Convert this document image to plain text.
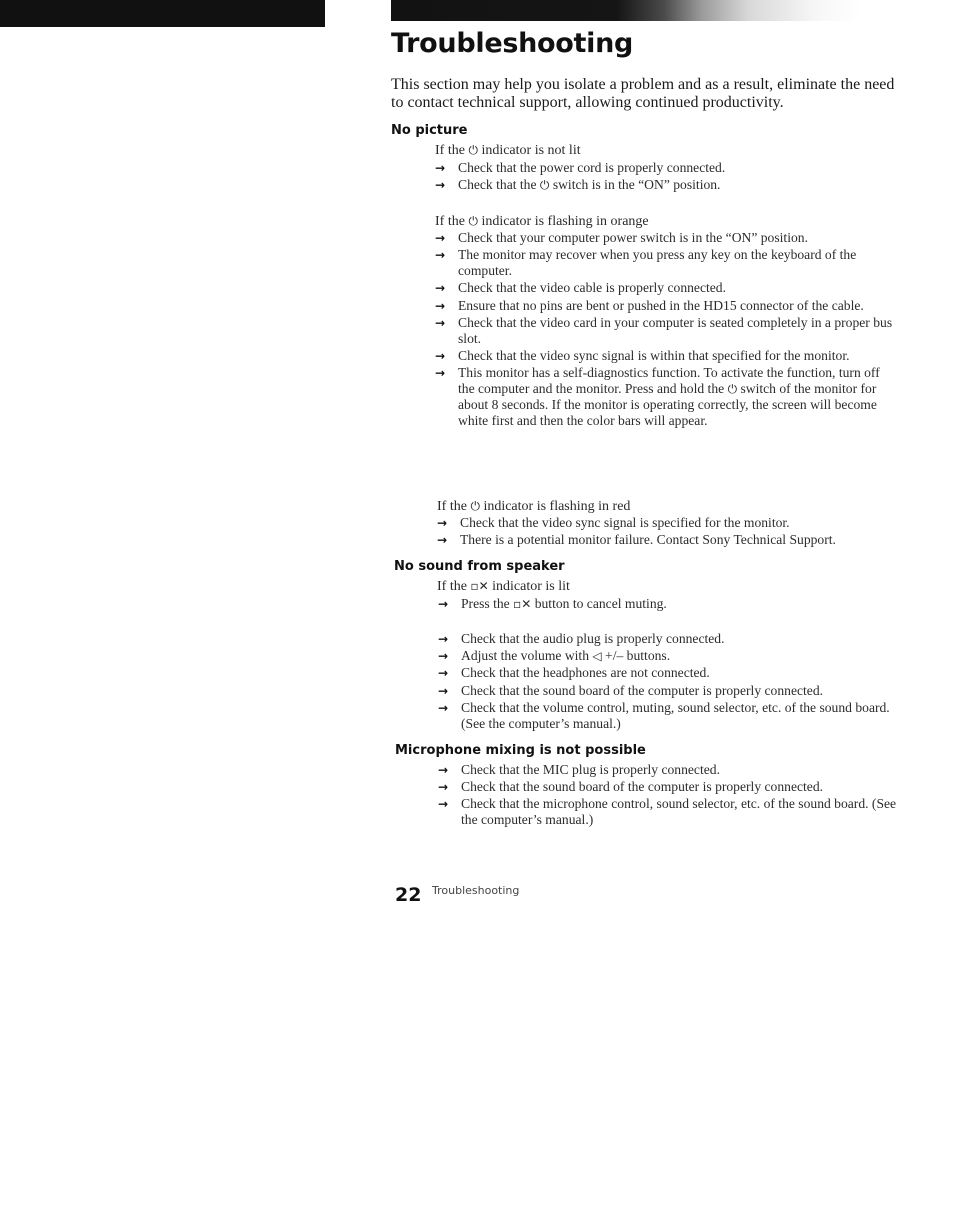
Troubleshooting

This section may help you isolate a problem and as a result, eliminate the need to contact technical support, allowing continued productivity.

No picture

If the ⏻ indicator is not lit

→ Check that the power cord is properly connected.
→ Check that the ⏻ switch is in the “ON” position.

If the ⏻ indicator is flashing in orange

→ Check that your computer power switch is in the “ON” position.
→ The monitor may recover when you press any key on the keyboard of the computer.
→ Check that the video cable is properly connected.
→ Ensure that no pins are bent or pushed in the HD15 connector of the cable.
→ Check that the video card in your computer is seated completely in a proper bus slot.
→ Check that the video sync signal is within that specified for the monitor.
→ This monitor has a self-diagnostics function. To activate the function, turn off the computer and the monitor. Press and hold the ⏻ switch of the monitor for about 8 seconds. If the monitor is operating correctly, the screen will become white first and then the color bars will appear.

If the ⏻ indicator is flashing in red

→ Check that the video sync signal is specified for the monitor.
→ There is a potential monitor failure. Contact Sony Technical Support.
No sound from speaker

If the ▫✕ indicator is lit

→ Press the ▫✕ button to cancel muting.
→ Check that the audio plug is properly connected.
→ Adjust the volume with ◁ +/– buttons.
→ Check that the headphones are not connected.
→ Check that the sound board of the computer is properly connected.
→ Check that the volume control, muting, sound selector, etc. of the sound board. (See the computer’s manual.)
Microphone mixing is not possible
→ Check that the MIC plug is properly connected.
→ Check that the sound board of the computer is properly connected.
→ Check that the microphone control, sound selector, etc. of the sound board. (See the computer’s manual.)
22 Troubleshooting
